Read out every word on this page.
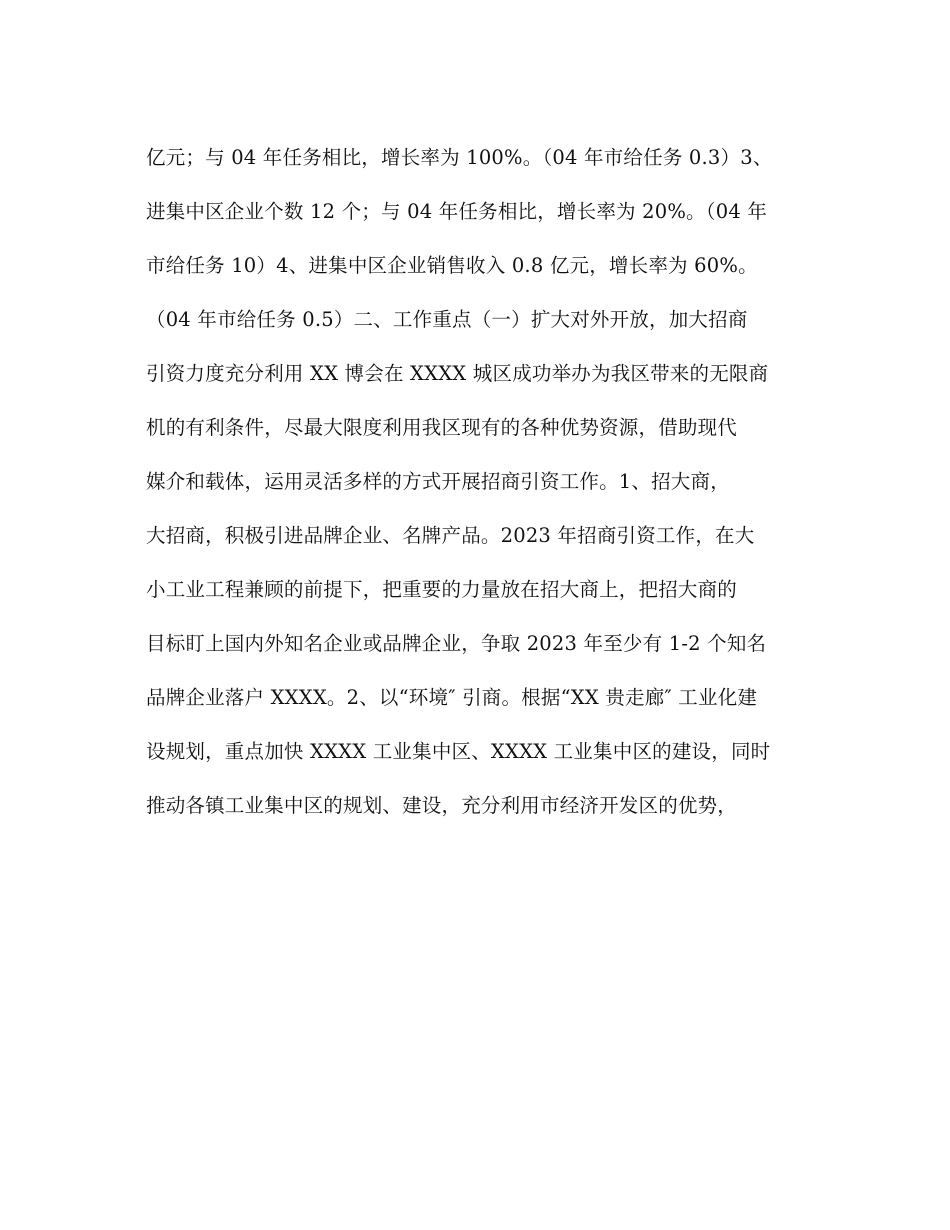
亿元；与 04 年任务相比，增长率为 100%。（04 年市给任务 0.3）3、
进集中区企业个数 12 个；与 04 年任务相比，增长率为 20%。（04 年
市给任务 10）4、进集中区企业销售收入 0.8 亿元，增长率为 60%。
（04 年市给任务 0.5）二、工作重点（一）扩大对外开放，加大招商
引资力度充分利用 XX 博会在 XXXX 城区成功举办为我区带来的无限商
机的有利条件，尽最大限度利用我区现有的各种优势资源，借助现代
媒介和载体，运用灵活多样的方式开展招商引资工作。1、招大商，
大招商，积极引进品牌企业、名牌产品。2023 年招商引资工作，在大
小工业工程兼顾的前提下，把重要的力量放在招大商上，把招大商的
目标盯上国内外知名企业或品牌企业，争取 2023 年至少有 1-2 个知名
品牌企业落户 XXXX。2、以“环境″ 引商。根据“XX 贵走廊″ 工业化建
设规划，重点加快 XXXX 工业集中区、XXXX 工业集中区的建设，同时
推动各镇工业集中区的规划、建设，充分利用市经济开发区的优势，
